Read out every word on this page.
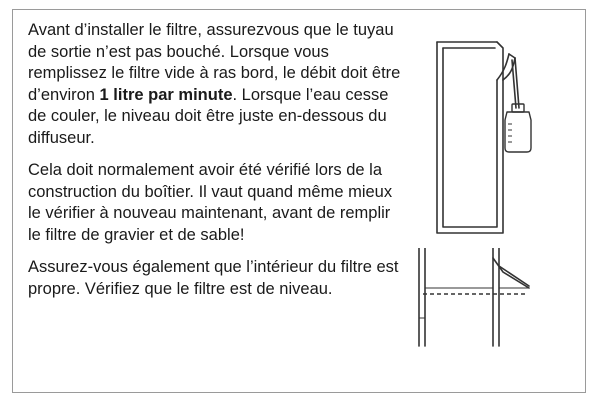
Avant d’installer le filtre, assurezvous que le tuyau de sortie n’est pas bouché. Lorsque vous remplissez le filtre vide à ras bord, le débit doit être d’environ 1 litre par minute. Lorsque l’eau cesse de couler, le niveau doit être juste en-dessous du diffuseur.

Cela doit normalement avoir été vérifié lors de la construction du boîtier. Il vaut quand même mieux le vérifier à nouveau maintenant, avant de remplir le filtre de gravier et de sable!

Assurez-vous également que l’intérieur du filtre est propre. Vérifiez que le filtre est de niveau.
